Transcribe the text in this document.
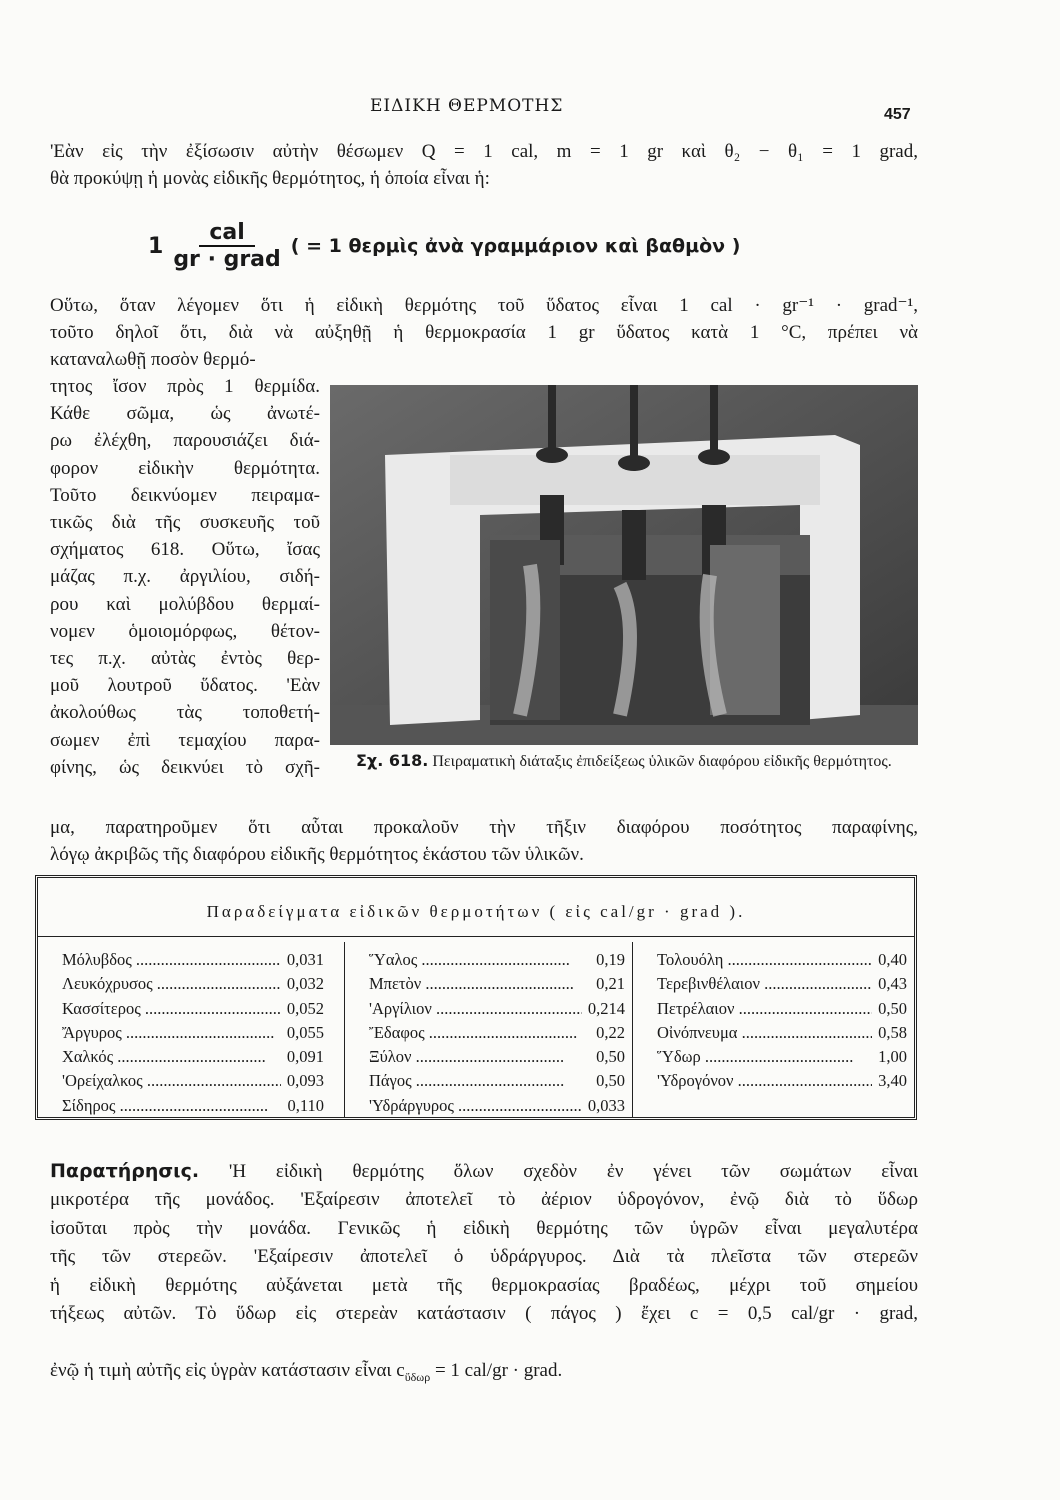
ΕΙΔΙΚΗ ΘΕΡΜΟΤΗΣ	457
'Εὰν εἰς τὴν ἐξίσωσιν αὐτὴν θέσωμεν Q = 1 cal, m = 1 gr καὶ θ₂ − θ₁ = 1 grad,
θὰ προκύψῃ ἡ μονὰς εἰδικῆς θερμότητος, ἡ ὁποία εἶναι ἡ:
$1 \frac{\text{cal}}{\text{gr · grad}}$ ( = 1 θερμὶς ἀνὰ γραμμάριον καὶ βαθμὸν )
Οὕτω, ὅταν λέγομεν ὅτι ἡ εἰδικὴ θερμότης τοῦ ὕδατος εἶναι 1 cal · gr⁻¹ · grad⁻¹,
τοῦτο δηλοῖ ὅτι, διὰ νὰ αὐξηθῇ ἡ θερμοκρασία 1 gr ὕδατος κατὰ 1 °C, πρέπει νὰ
καταναλωθῇ ποσὸν θερμό-
τητος ἴσον πρὸς 1 θερμίδα.
Κάθε σῶμα, ὡς ἀνωτέ-
ρω ἐλέχθη, παρουσιάζει διά-
φορον εἰδικὴν θερμότητα.
Τοῦτο δεικνύομεν πειραμα-
τικῶς διὰ τῆς συσκευῆς τοῦ
σχήματος 618. Οὕτω, ἴσας
μάζας π.χ. ἀργιλίου, σιδή-
ρου καὶ μολύβδου θερμαί-
νομεν ὁμοιομόρφως, θέτον-
τες π.χ. αὐτὰς ἐντὸς θερ-
μοῦ λουτροῦ ὕδατος. 'Εὰν
ἀκολούθως τὰς τοποθετή-
σωμεν ἐπὶ τεμαχίου παρα-
φίνης, ὡς δεικνύει τὸ σχῆ- Σχ. 618. Πειραματικὴ διάταξις ἐπιδείξεως ὑλικῶν διαφόρου εἰδικῆς θερμότητος.
μα, παρατηροῦμεν ὅτι αὗται προκαλοῦν τὴν τῆξιν διαφόρου ποσότητος παραφίνης,
λόγῳ ἀκριβῶς τῆς διαφόρου εἰδικῆς θερμότητος ἑκάστου τῶν ὑλικῶν.
Παραδείγματα εἰδικῶν θερμοτήτων ( εἰς cal/gr · grad ).
Μόλυβδος .....	0,031
Λευκόχρυσος .....	0,032
Κασσίτερος .....	0,052
Ἄργυρος .....	0,055
Χαλκός .....	0,091
'Ορείχαλκος .....	0,093
Σίδηρος .....	0,110
Ὕαλος .....	0,19
Μπετὸν .....	0,21
'Αργίλιον .....	0,214
Ἔδαφος .....	0,22
Ξύλον .....	0,50
Πάγος .....	0,50
'Υδράργυρος .....	0,033
Τολουόλη .....	0,40
Τερεβινθέλαιον .....	0,43
Πετρέλαιον .....	0,50
Οἰνόπνευμα .....	0,58
Ὕδωρ .....	1,00
'Υδρογόνον .....	3,40
Παρατήρησις. 'Η εἰδικὴ θερμότης ὅλων σχεδὸν ἐν γένει τῶν σωμάτων εἶναι
μικροτέρα τῆς μονάδος. 'Εξαίρεσιν ἀποτελεῖ τὸ ἀέριον ὑδρογόνον, ἐνῷ διὰ τὸ ὕδωρ
ἰσοῦται πρὸς τὴν μονάδα. Γενικῶς ἡ εἰδικὴ θερμότης τῶν ὑγρῶν εἶναι μεγαλυτέρα
τῆς τῶν στερεῶν. 'Εξαίρεσιν ἀποτελεῖ ὁ ὑδράργυρος. Διὰ τὰ πλεῖστα τῶν στερεῶν
ἡ εἰδικὴ θερμότης αὐξάνεται μετὰ τῆς θερμοκρασίας βραδέως, μέχρι τοῦ σημείου
τήξεως αὐτῶν. Τὸ ὕδωρ εἰς στερεὰν κατάστασιν ( πάγος ) ἔχει c = 0,5 cal/gr · grad,
ἐνῷ ἡ τιμὴ αὐτῆς εἰς ὑγρὰν κατάστασιν εἶναι $c_{ὕ\delta\omega\rho} = 1$ cal/gr · grad.
